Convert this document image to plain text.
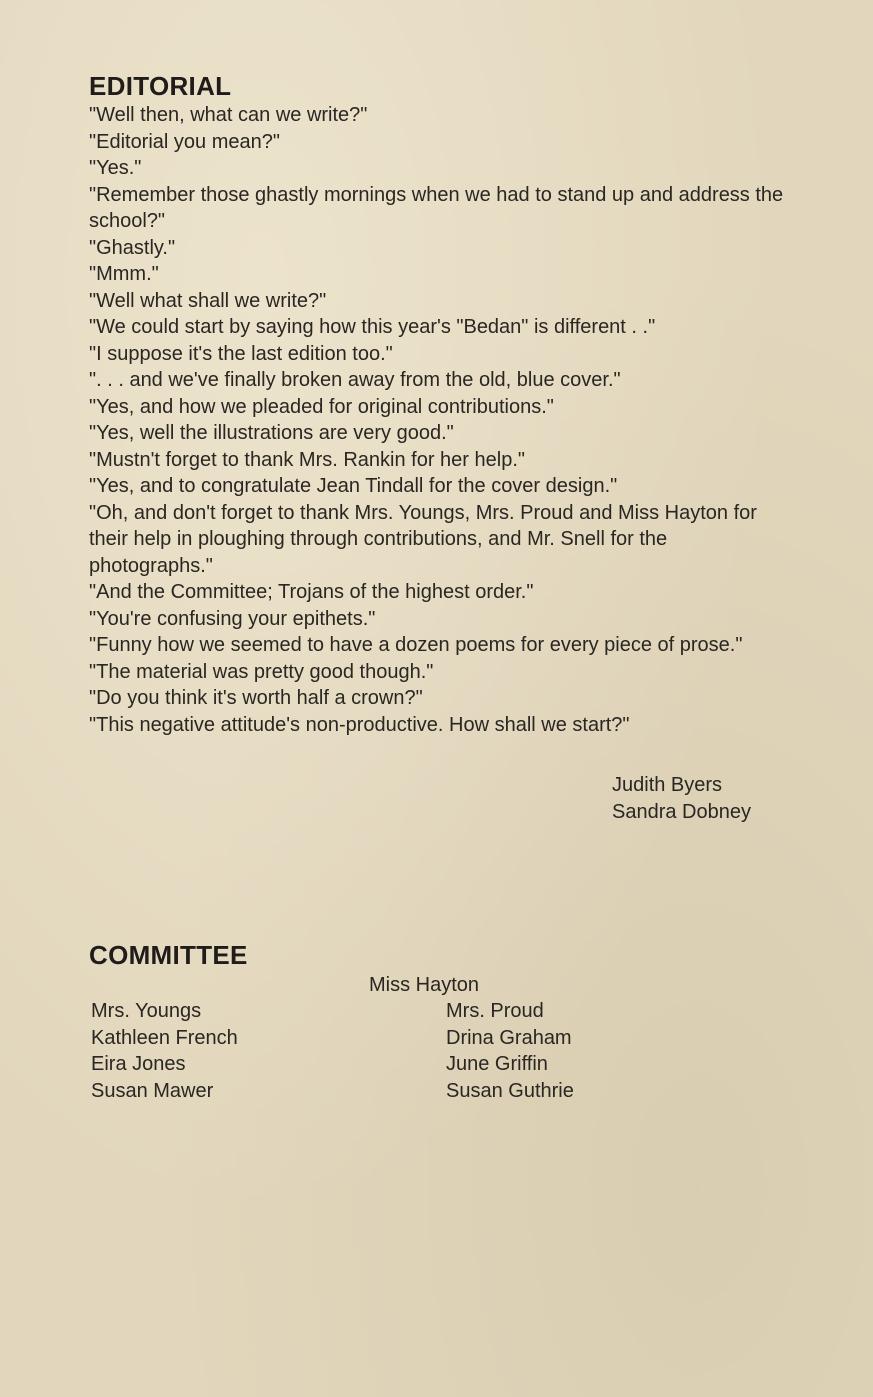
EDITORIAL

"Well then, what can we write?"

"Editorial you mean?"

"Yes."

"Remember those ghastly mornings when we had to stand up and address the school?"

"Ghastly."

"Mmm."

"Well what shall we write?"

"We could start by saying how this year's "Bedan" is different . ."

"I suppose it's the last edition too."

". . . and we've finally broken away from the old, blue cover."

"Yes, and how we pleaded for original contributions."

"Yes, well the illustrations are very good."

"Mustn't forget to thank Mrs. Rankin for her help."

"Yes, and to congratulate Jean Tindall for the cover design."

"Oh, and don't forget to thank Mrs. Youngs, Mrs. Proud and Miss Hayton for their help in ploughing through contributions, and Mr. Snell for the photographs."

"And the Committee; Trojans of the highest order."

"You're confusing your epithets."

"Funny how we seemed to have a dozen poems for every piece of prose."

"The material was pretty good though."

"Do you think it's worth half a crown?"

"This negative attitude's non-productive. How shall we start?"

Judith Byers
Sandra Dobney
COMMITTEE
Miss Hayton
Mrs. Youngs
Kathleen French
Eira Jones
Susan Mawer
Mrs. Proud
Drina Graham
June Griffin
Susan Guthrie
